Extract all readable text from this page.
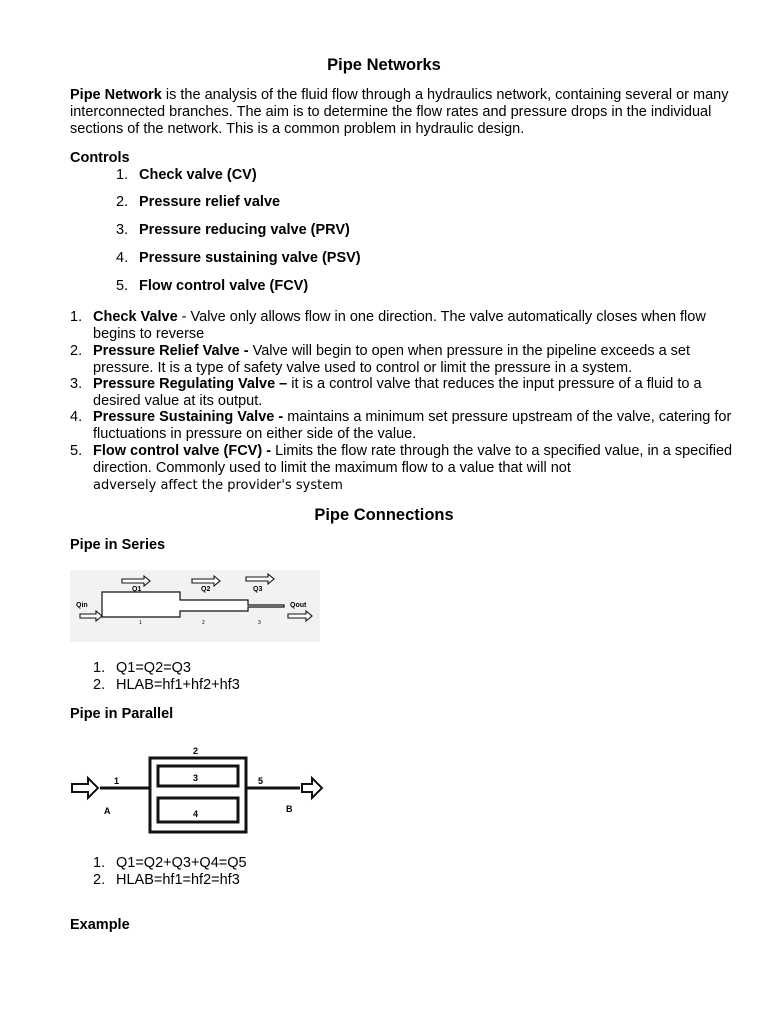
Pipe Networks
Pipe Network is the analysis of the fluid flow through a hydraulics network, containing several or many interconnected branches. The aim is to determine the flow rates and pressure drops in the individual sections of the network. This is a common problem in hydraulic design.
Controls
1. Check valve (CV)
2. Pressure relief valve
3. Pressure reducing valve (PRV)
4. Pressure sustaining valve (PSV)
5. Flow control valve (FCV)
1. Check Valve - Valve only allows flow in one direction. The valve automatically closes when flow begins to reverse
2. Pressure Relief Valve - Valve will begin to open when pressure in the pipeline exceeds a set pressure. It is a type of safety valve used to control or limit the pressure in a system.
3. Pressure Regulating Valve – it is a control valve that reduces the input pressure of a fluid to a desired value at its output.
4. Pressure Sustaining Valve - maintains a minimum set pressure upstream of the valve, catering for fluctuations in pressure on either side of the value.
5. Flow control valve (FCV) - Limits the flow rate through the valve to a specified value, in a specified direction. Commonly used to limit the maximum flow to a value that will not
adversely affect the provider's system
Pipe Connections
Pipe in Series
Q1	Q2	Q3
Qin	Qout
1	2	3
1. Q1=Q2=Q3
2. HLAB=hf1+hf2+hf3
Pipe in Parallel
2
3
4
1	5
A	B
1. Q1=Q2+Q3+Q4=Q5
2. HLAB=hf1=hf2=hf3
Example
